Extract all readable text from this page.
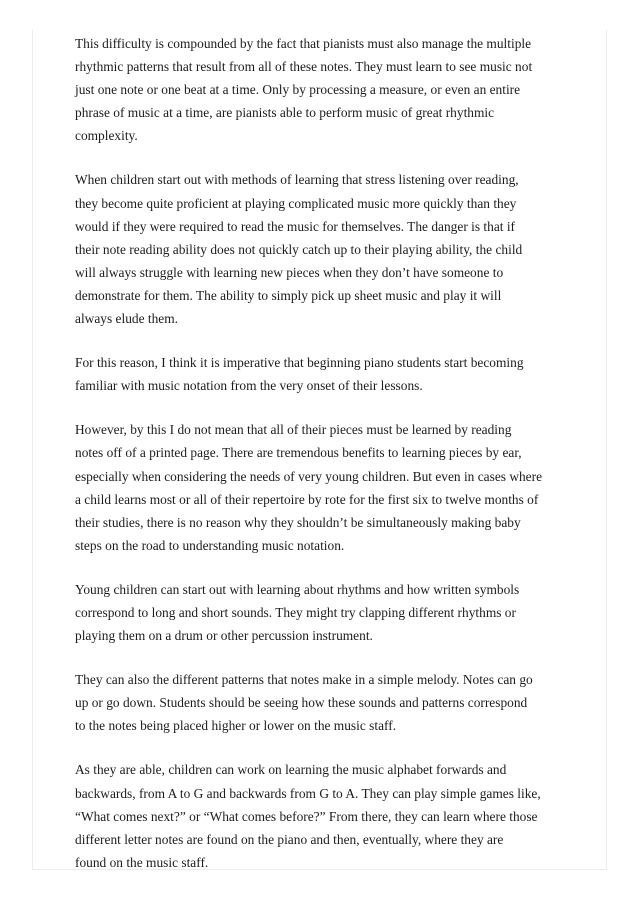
This difficulty is compounded by the fact that pianists must also manage the multiple
rhythmic patterns that result from all of these notes. They must learn to see music not
just one note or one beat at a time. Only by processing a measure, or even an entire
phrase of music at a time, are pianists able to perform music of great rhythmic
complexity.

When children start out with methods of learning that stress listening over reading,
they become quite proficient at playing complicated music more quickly than they
would if they were required to read the music for themselves. The danger is that if
their note reading ability does not quickly catch up to their playing ability, the child
will always struggle with learning new pieces when they don’t have someone to
demonstrate for them. The ability to simply pick up sheet music and play it will
always elude them.

For this reason, I think it is imperative that beginning piano students start becoming
familiar with music notation from the very onset of their lessons.

However, by this I do not mean that all of their pieces must be learned by reading
notes off of a printed page. There are tremendous benefits to learning pieces by ear,
especially when considering the needs of very young children. But even in cases where
a child learns most or all of their repertoire by rote for the first six to twelve months of
their studies, there is no reason why they shouldn’t be simultaneously making baby
steps on the road to understanding music notation.

Young children can start out with learning about rhythms and how written symbols
correspond to long and short sounds. They might try clapping different rhythms or
playing them on a drum or other percussion instrument.

They can also the different patterns that notes make in a simple melody. Notes can go
up or go down. Students should be seeing how these sounds and patterns correspond
to the notes being placed higher or lower on the music staff.

As they are able, children can work on learning the music alphabet forwards and
backwards, from A to G and backwards from G to A. They can play simple games like,
“What comes next?” or “What comes before?” From there, they can learn where those
different letter notes are found on the piano and then, eventually, where they are
found on the music staff.
